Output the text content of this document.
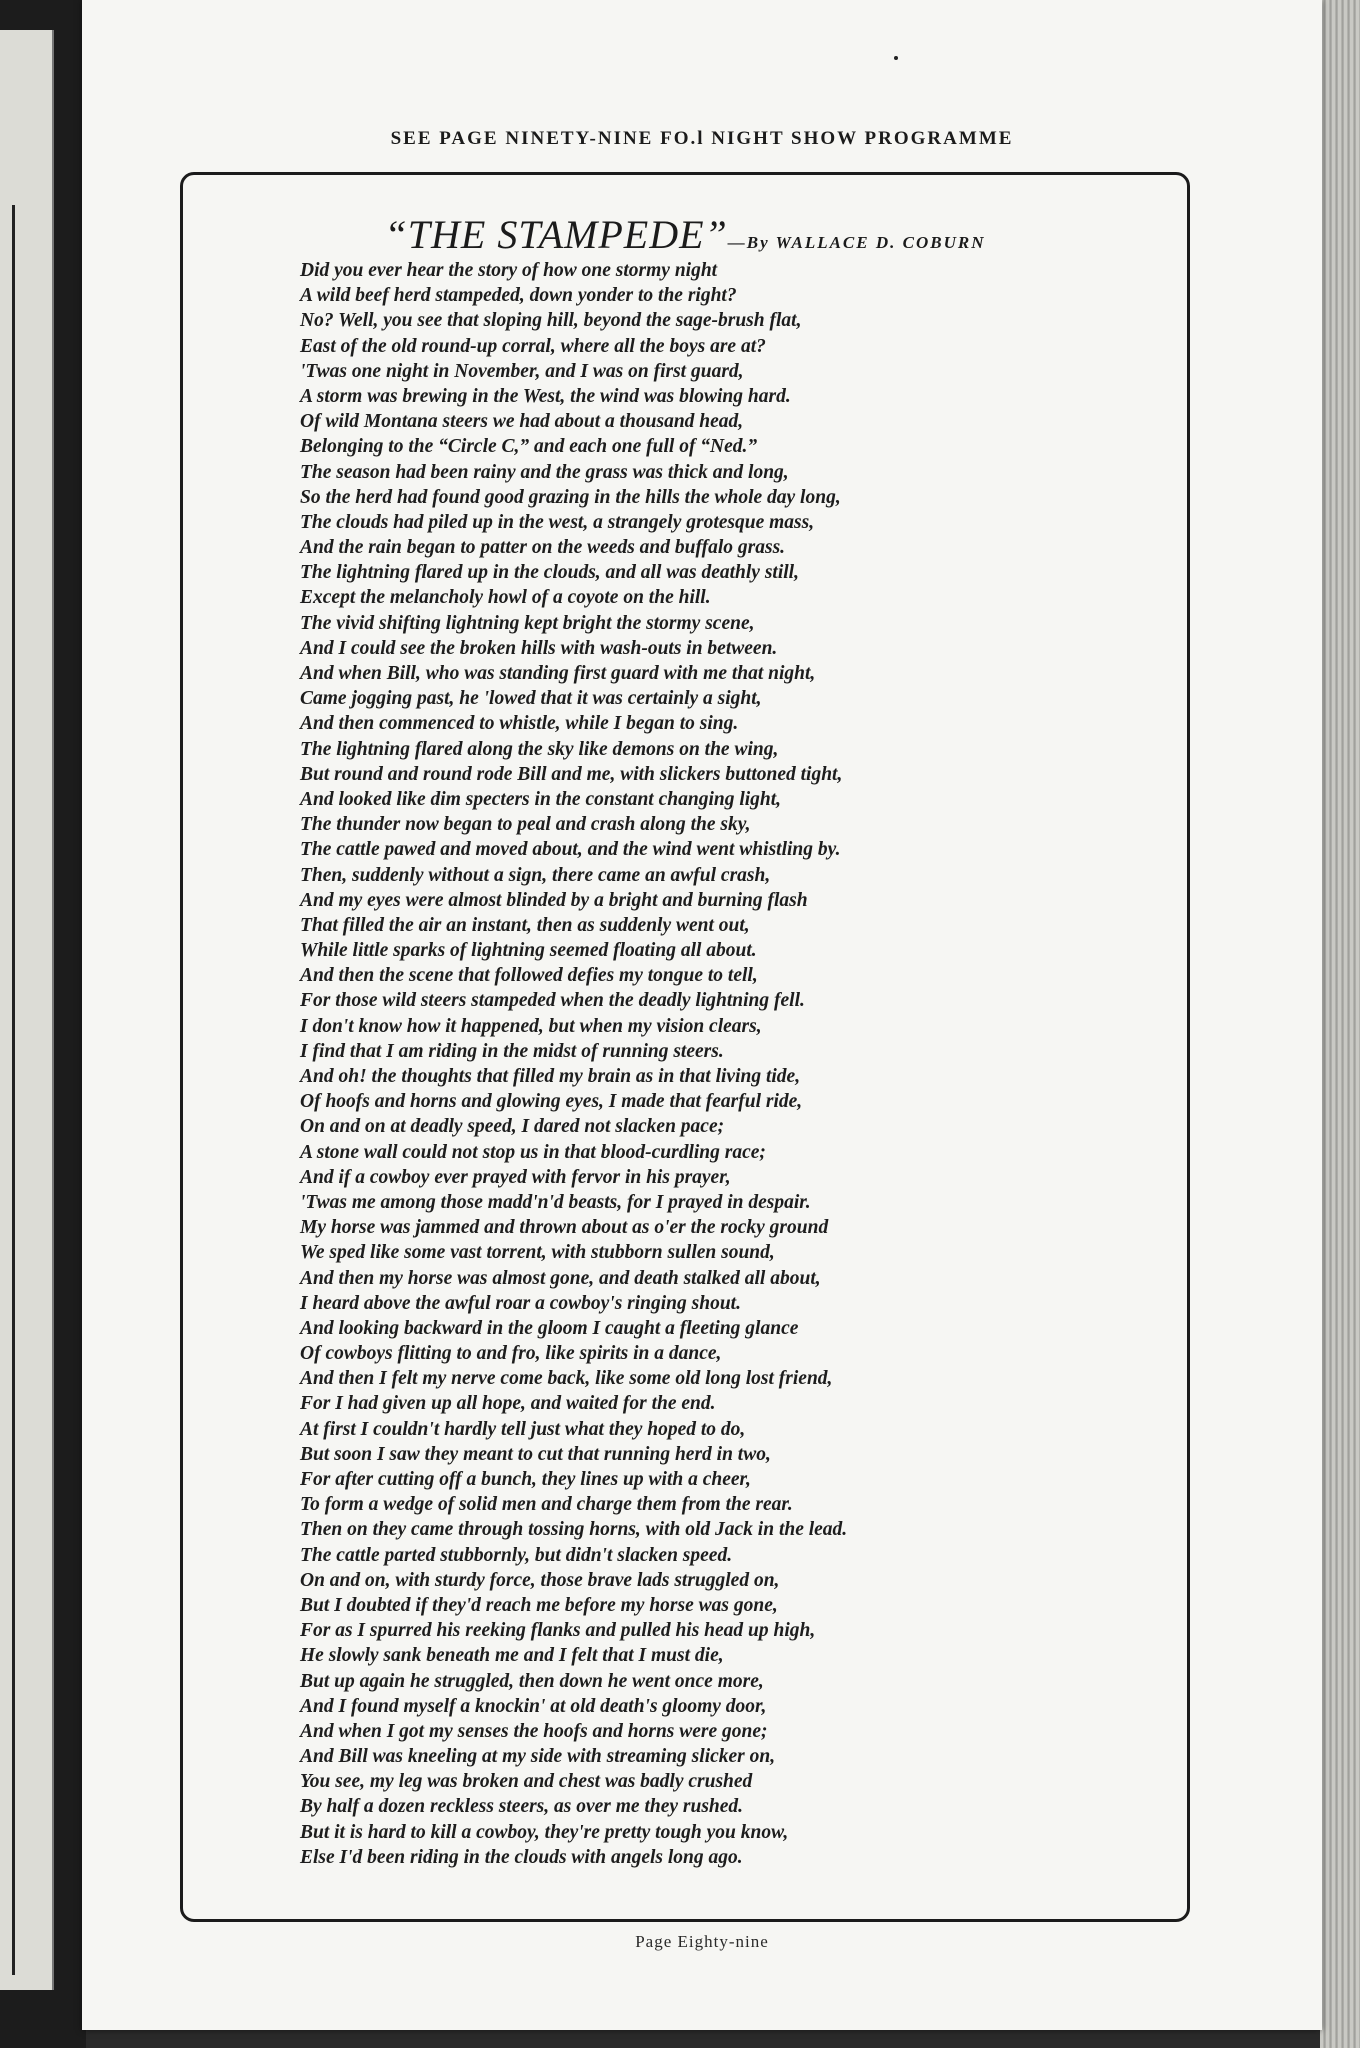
SEE PAGE NINETY-NINE FO.l NIGHT SHOW PROGRAMME
“THE STAMPEDE”—By WALLACE D. COBURN
Did you ever hear the story of how one stormy night
A wild beef herd stampeded, down yonder to the right?
No? Well, you see that sloping hill, beyond the sage-brush flat,
East of the old round-up corral, where all the boys are at?
'Twas one night in November, and I was on first guard,
A storm was brewing in the West, the wind was blowing hard.
Of wild Montana steers we had about a thousand head,
Belonging to the “Circle C,” and each one full of “Ned.”
The season had been rainy and the grass was thick and long,
So the herd had found good grazing in the hills the whole day long,
The clouds had piled up in the west, a strangely grotesque mass,
And the rain began to patter on the weeds and buffalo grass.
The lightning flared up in the clouds, and all was deathly still,
Except the melancholy howl of a coyote on the hill.
The vivid shifting lightning kept bright the stormy scene,
And I could see the broken hills with wash-outs in between.
And when Bill, who was standing first guard with me that night,
Came jogging past, he 'lowed that it was certainly a sight,
And then commenced to whistle, while I began to sing.
The lightning flared along the sky like demons on the wing,
But round and round rode Bill and me, with slickers buttoned tight,
And looked like dim specters in the constant changing light,
The thunder now began to peal and crash along the sky,
The cattle pawed and moved about, and the wind went whistling by.
Then, suddenly without a sign, there came an awful crash,
And my eyes were almost blinded by a bright and burning flash
That filled the air an instant, then as suddenly went out,
While little sparks of lightning seemed floating all about.
And then the scene that followed defies my tongue to tell,
For those wild steers stampeded when the deadly lightning fell.
I don't know how it happened, but when my vision clears,
I find that I am riding in the midst of running steers.
And oh! the thoughts that filled my brain as in that living tide,
Of hoofs and horns and glowing eyes, I made that fearful ride,
On and on at deadly speed, I dared not slacken pace;
A stone wall could not stop us in that blood-curdling race;
And if a cowboy ever prayed with fervor in his prayer,
'Twas me among those madd'n'd beasts, for I prayed in despair.
My horse was jammed and thrown about as o'er the rocky ground
We sped like some vast torrent, with stubborn sullen sound,
And then my horse was almost gone, and death stalked all about,
I heard above the awful roar a cowboy's ringing shout.
And looking backward in the gloom I caught a fleeting glance
Of cowboys flitting to and fro, like spirits in a dance,
And then I felt my nerve come back, like some old long lost friend,
For I had given up all hope, and waited for the end.
At first I couldn't hardly tell just what they hoped to do,
But soon I saw they meant to cut that running herd in two,
For after cutting off a bunch, they lines up with a cheer,
To form a wedge of solid men and charge them from the rear.
Then on they came through tossing horns, with old Jack in the lead.
The cattle parted stubbornly, but didn't slacken speed.
On and on, with sturdy force, those brave lads struggled on,
But I doubted if they'd reach me before my horse was gone,
For as I spurred his reeking flanks and pulled his head up high,
He slowly sank beneath me and I felt that I must die,
But up again he struggled, then down he went once more,
And I found myself a knockin' at old death's gloomy door,
And when I got my senses the hoofs and horns were gone;
And Bill was kneeling at my side with streaming slicker on,
You see, my leg was broken and chest was badly crushed
By half a dozen reckless steers, as over me they rushed.
But it is hard to kill a cowboy, they're pretty tough you know,
Else I'd been riding in the clouds with angels long ago.
Page Eighty-nine
